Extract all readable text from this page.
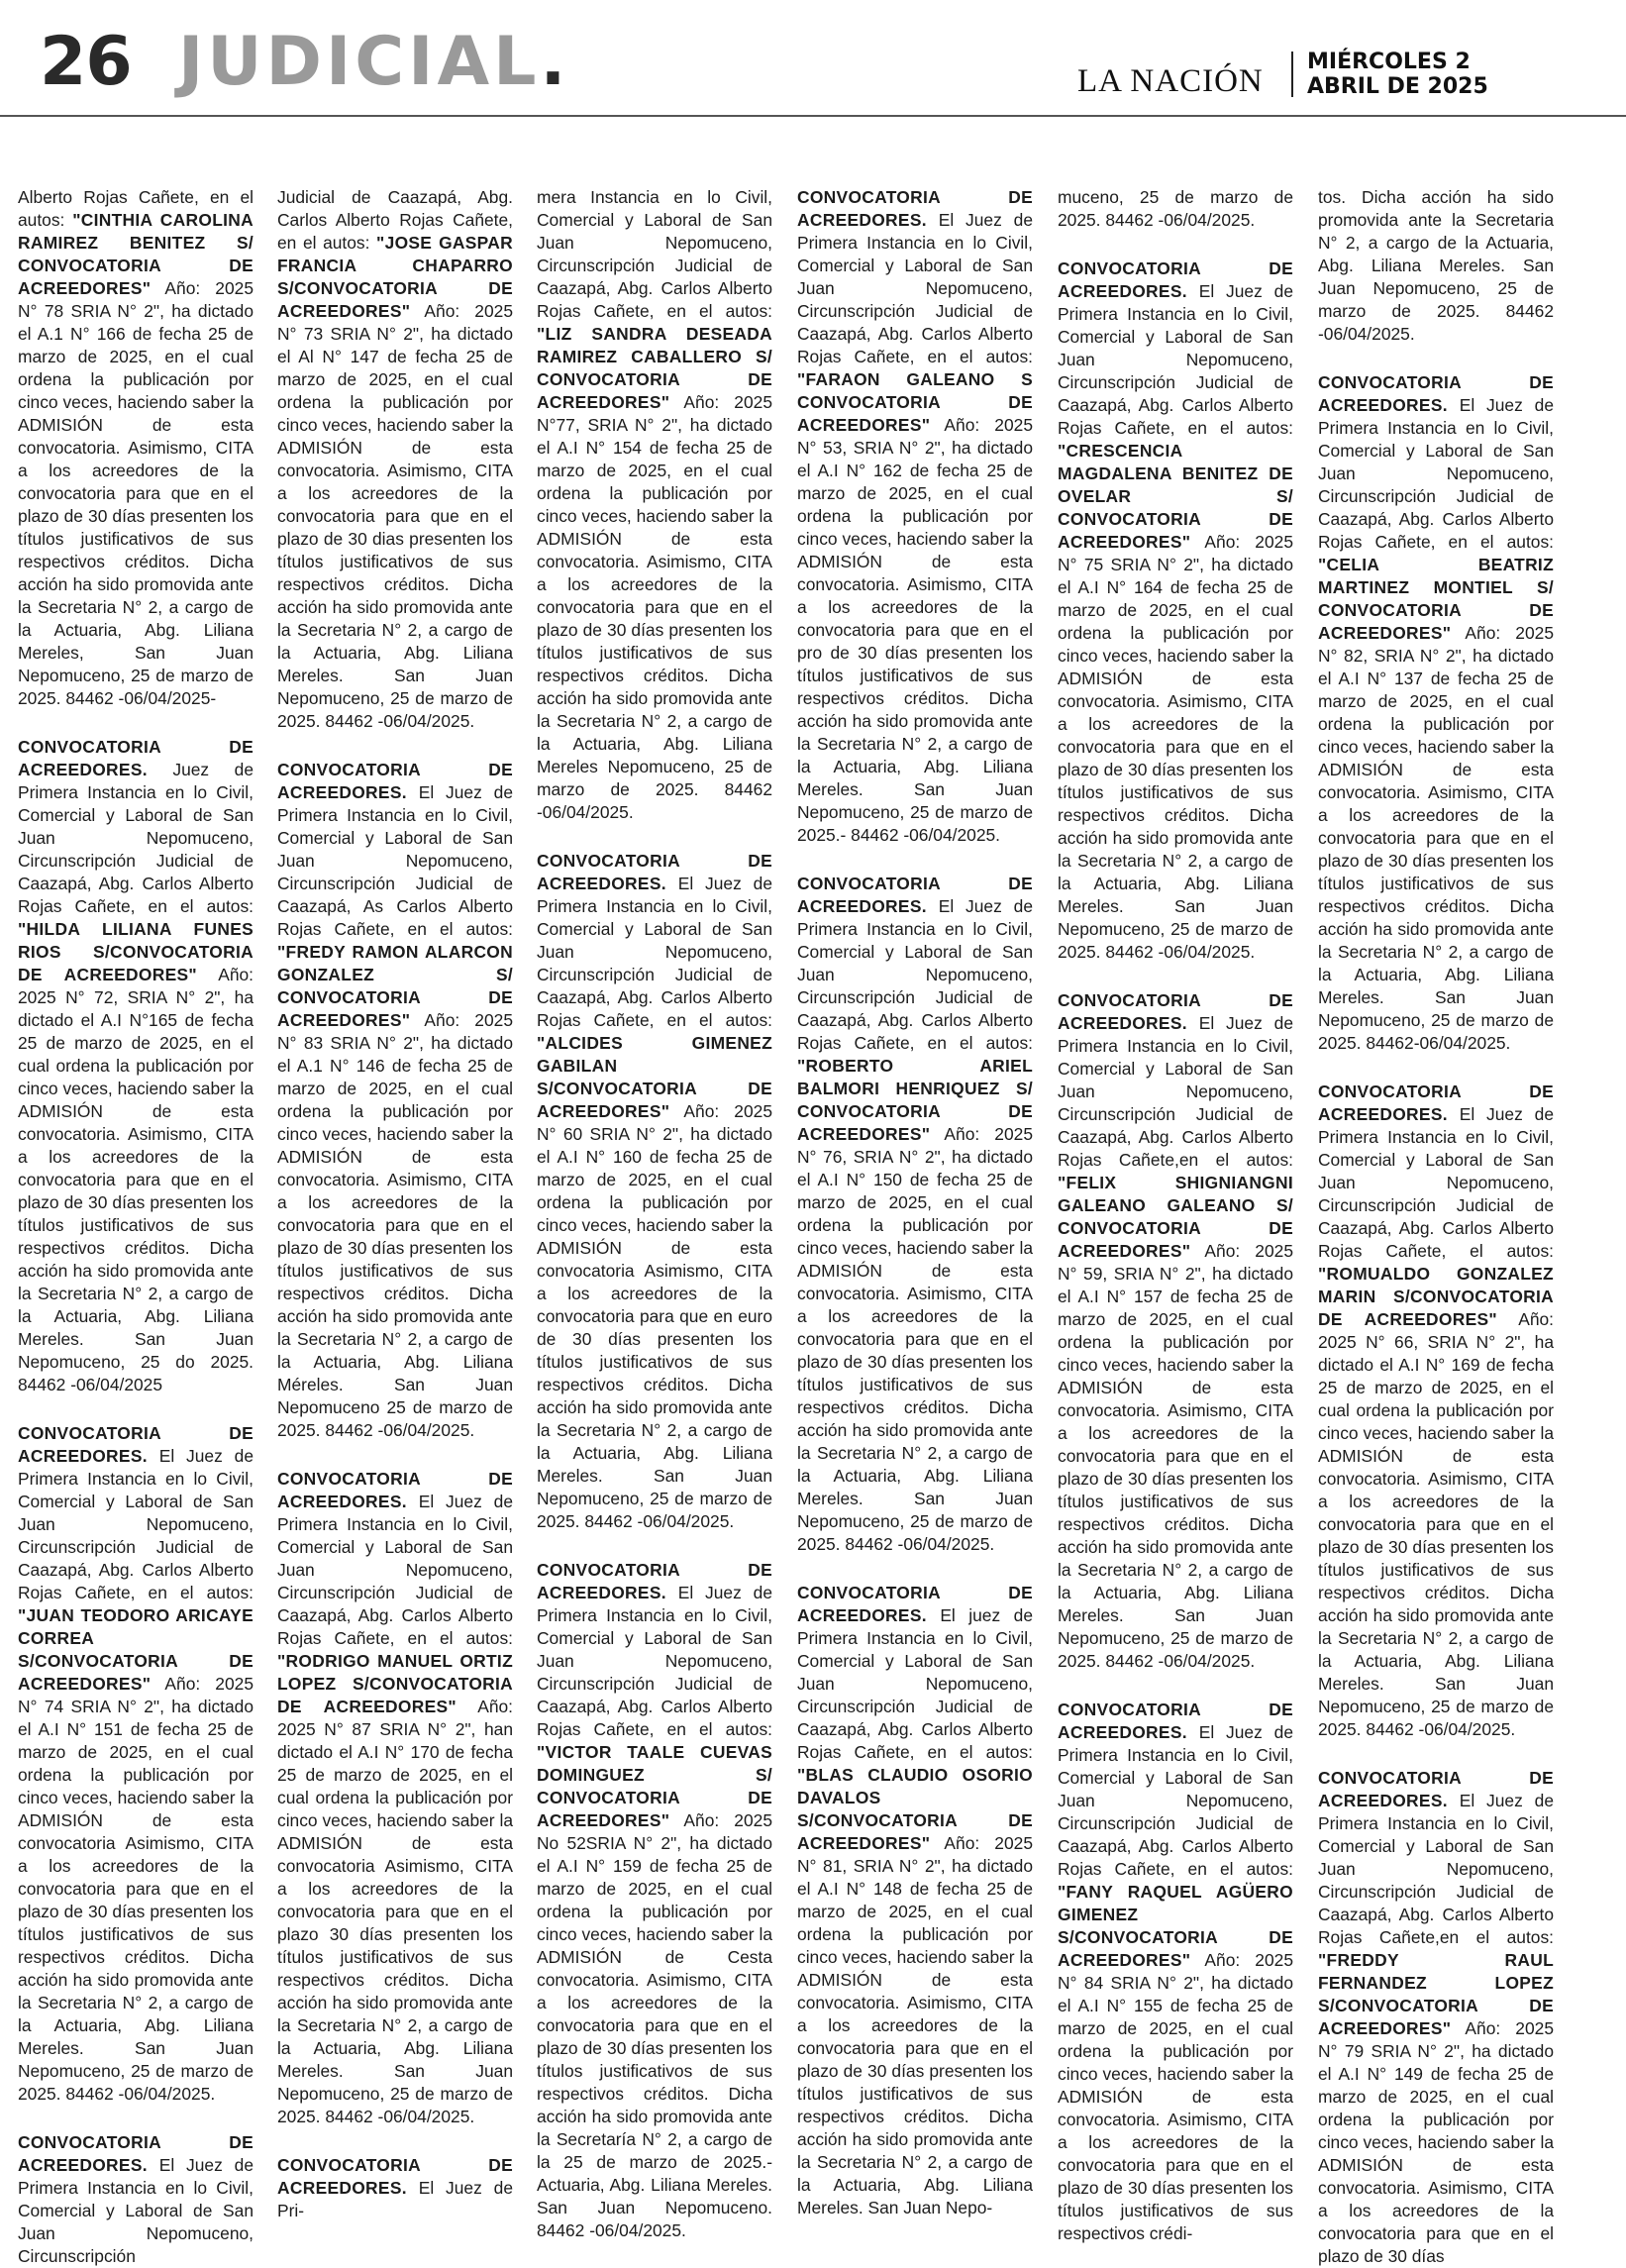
26 JUDICIAL.	LA NACIÓN
MIÉRCOLES 2
ABRIL DE 2025

Alberto Rojas Cañete, en el autos: "CINTHIA CAROLINA RAMIREZ BENITEZ S/ CONVOCATORIA DE ACREEDORES" Año: 2025 N° 78 SRIA N° 2", ha dictado el A.1 N° 166 de fecha 25 de marzo de 2025, en el cual ordena la publicación por cinco veces, haciendo saber la ADMISIÓN de esta convocatoria. Asimismo, CITA a los acreedores de la convocatoria para que en el plazo de 30 días presenten los títulos justificativos de sus respectivos créditos. Dicha acción ha sido promovida ante la Secretaria N° 2, a cargo de la Actuaria, Abg. Liliana Mereles, San Juan Nepomuceno, 25 de marzo de 2025. 84462 -06/04/2025-

CONVOCATORIA DE ACREEDORES. Juez de Primera Instancia en lo Civil, Comercial y Laboral de San Juan Nepomuceno, Circunscripción Judicial de Caazapá, Abg. Carlos Alberto Rojas Cañete, en el autos: "HILDA LILIANA FUNES RIOS S/CONVOCATORIA DE ACREEDORES" Año: 2025 N° 72, SRIA N° 2", ha dictado el A.I N°165 de fecha 25 de marzo de 2025, en el cual ordena la publicación por cinco veces, haciendo saber la ADMISIÓN de esta convocatoria. Asimismo, CITA a los acreedores de la convocatoria para que en el plazo de 30 días presenten los títulos justificativos de sus respectivos créditos. Dicha acción ha sido promovida ante la Secretaria N° 2, a cargo de la Actuaria, Abg. Liliana Mereles. San Juan Nepomuceno, 25 do 2025. 84462 -06/04/2025

CONVOCATORIA DE ACREEDORES. El Juez de Primera Instancia en lo Civil, Comercial y Laboral de San Juan Nepomuceno, Circunscripción Judicial de Caazapá, Abg. Carlos Alberto Rojas Cañete, en el autos: "JUAN TEODORO ARICAYE CORREA S/CONVOCATORIA DE ACREEDORES" Año: 2025 N° 74 SRIA N° 2", ha dictado el A.I N° 151 de fecha 25 de marzo de 2025, en el cual ordena la publicación por cinco veces, haciendo saber la ADMISIÓN de esta convocatoria Asimismo, CITA a los acreedores de la convocatoria para que en el plazo de 30 días presenten los títulos justificativos de sus respectivos créditos. Dicha acción ha sido promovida ante la Secretaria N° 2, a cargo de la Actuaria, Abg. Liliana Mereles. San Juan Nepomuceno, 25 de marzo de 2025. 84462 -06/04/2025.

CONVOCATORIA DE ACREEDORES. El Juez de Primera Instancia en lo Civil, Comercial y Laboral de San Juan Nepomuceno, Circunscripción

Judicial de Caazapá, Abg. Carlos Alberto Rojas Cañete, en el autos: "JOSE GASPAR FRANCIA CHAPARRO S/CONVOCATORIA DE ACREEDORES" Año: 2025 N° 73 SRIA N° 2", ha dictado el Al N° 147 de fecha 25 de marzo de 2025, en el cual ordena la publicación por cinco veces, haciendo saber la ADMISIÓN de esta convocatoria. Asimismo, CITA a los acreedores de la convocatoria para que en el plazo de 30 dias presenten los títulos justificativos de sus respectivos créditos. Dicha acción ha sido promovida ante la Secretaria N° 2, a cargo de la Actuaria, Abg. Liliana Mereles. San Juan Nepomuceno, 25 de marzo de 2025. 84462 -06/04/2025.

CONVOCATORIA DE ACREEDORES. El Juez de Primera Instancia en lo Civil, Comercial y Laboral de San Juan Nepomuceno, Circunscripción Judicial de Caazapá, As Carlos Alberto Rojas Cañete, en el autos: "FREDY RAMON ALARCON GONZALEZ S/ CONVOCATORIA DE ACREEDORES" Año: 2025 N° 83 SRIA N° 2", ha dictado el A.1 N° 146 de fecha 25 de marzo de 2025, en el cual ordena la publicación por cinco veces, haciendo saber la ADMISIÓN de esta convocatoria. Asimismo, CITA a los acreedores de la convocatoria para que en el plazo de 30 días presenten los títulos justificativos de sus respectivos créditos. Dicha acción ha sido promovida ante la Secretaria N° 2, a cargo de la Actuaria, Abg. Liliana Méreles. San Juan Nepomuceno 25 de marzo de 2025. 84462 -06/04/2025.

CONVOCATORIA DE ACREEDORES. El Juez de Primera Instancia en lo Civil, Comercial y Laboral de San Juan Nepomuceno, Circunscripción Judicial de Caazapá, Abg. Carlos Alberto Rojas Cañete, en el autos: "RODRIGO MANUEL ORTIZ LOPEZ S/CONVOCATORIA DE ACREEDORES" Año: 2025 N° 87 SRIA N° 2", han dictado el A.I N° 170 de fecha 25 de marzo de 2025, en el cual ordena la publicación por cinco veces, haciendo saber la ADMISIÓN de esta convocatoria Asimismo, CITA a los acreedores de la convocatoria para que en el plazo 30 días presenten los títulos justificativos de sus respectivos créditos. Dicha acción ha sido promovida ante la Secretaria N° 2, a cargo de la Actuaria, Abg. Liliana Mereles. San Juan Nepomuceno, 25 de marzo de 2025. 84462 -06/04/2025.

CONVOCATORIA DE ACREEDORES. El Juez de Pri-

mera Instancia en lo Civil, Comercial y Laboral de San Juan Nepomuceno, Circunscripción Judicial de Caazapá, Abg. Carlos Alberto Rojas Cañete, en el autos: "LIZ SANDRA DESEADA RAMIREZ CABALLERO S/ CONVOCATORIA DE ACREEDORES" Año: 2025 N°77, SRIA N° 2", ha dictado el A.I N° 154 de fecha 25 de marzo de 2025, en el cual ordena la publicación por cinco veces, haciendo saber la ADMISIÓN de esta convocatoria. Asimismo, CITA a los acreedores de la convocatoria para que en el plazo de 30 días presenten los títulos justificativos de sus respectivos créditos. Dicha acción ha sido promovida ante la Secretaria N° 2, a cargo de la Actuaria, Abg. Liliana Mereles Nepomuceno, 25 de marzo de 2025. 84462 -06/04/2025.

CONVOCATORIA DE ACREEDORES. El Juez de Primera Instancia en lo Civil, Comercial y Laboral de San Juan Nepomuceno, Circunscripción Judicial de Caazapá, Abg. Carlos Alberto Rojas Cañete, en el autos: "ALCIDES GIMENEZ GABILAN S/CONVOCATORIA DE ACREEDORES" Año: 2025 N° 60 SRIA N° 2", ha dictado el A.I N° 160 de fecha 25 de marzo de 2025, en el cual ordena la publicación por cinco veces, haciendo saber la ADMISIÓN de esta convocatoria Asimismo, CITA a los acreedores de la convocatoria para que en euro de 30 días presenten los títulos justificativos de sus respectivos créditos. Dicha acción ha sido promovida ante la Secretaria N° 2, a cargo de la Actuaria, Abg. Liliana Mereles. San Juan Nepomuceno, 25 de marzo de 2025. 84462 -06/04/2025.

CONVOCATORIA DE ACREEDORES. El Juez de Primera Instancia en lo Civil, Comercial y Laboral de San Juan Nepomuceno, Circunscripción Judicial de Caazapá, Abg. Carlos Alberto Rojas Cañete, en el autos: "VICTOR TAALE CUEVAS DOMINGUEZ S/ CONVOCATORIA DE ACREEDORES" Año: 2025 No 52SRIA N° 2", ha dictado el A.I N° 159 de fecha 25 de marzo de 2025, en el cual ordena la publicación por cinco veces, haciendo saber la ADMISIÓN de Cesta convocatoria. Asimismo, CITA a los acreedores de la convocatoria para que en el plazo de 30 días presenten los títulos justificativos de sus respectivos créditos. Dicha acción ha sido promovida ante la Secretaría N° 2, a cargo de la 25 de marzo de 2025.- Actuaria, Abg. Liliana Mereles. San Juan Nepomuceno. 84462 -06/04/2025.

CONVOCATORIA DE ACREEDORES. El Juez de Primera Instancia en lo Civil, Comercial y Laboral de San Juan Nepomuceno, Circunscripción Judicial de Caazapá, Abg. Carlos Alberto Rojas Cañete, en el autos: "FARAON GALEANO S CONVOCATORIA DE ACREEDORES" Año: 2025 N° 53, SRIA N° 2", ha dictado el A.I N° 162 de fecha 25 de marzo de 2025, en el cual ordena la publicación por cinco veces, haciendo saber la ADMISIÓN de esta convocatoria. Asimismo, CITA a los acreedores de la convocatoria para que en el pro de 30 días presenten los títulos justificativos de sus respectivos créditos. Dicha acción ha sido promovida ante la Secretaria N° 2, a cargo de la Actuaria, Abg. Liliana Mereles. San Juan Nepomuceno, 25 de marzo de 2025.- 84462 -06/04/2025.

CONVOCATORIA DE ACREEDORES. El Juez de Primera Instancia en lo Civil, Comercial y Laboral de San Juan Nepomuceno, Circunscripción Judicial de Caazapá, Abg. Carlos Alberto Rojas Cañete, en el autos: "ROBERTO ARIEL BALMORI HENRIQUEZ S/ CONVOCATORIA DE ACREEDORES" Año: 2025 N° 76, SRIA N° 2", ha dictado el A.I N° 150 de fecha 25 de marzo de 2025, en el cual ordena la publicación por cinco veces, haciendo saber la ADMISIÓN de esta convocatoria. Asimismo, CITA a los acreedores de la convocatoria para que en el plazo de 30 días presenten los títulos justificativos de sus respectivos créditos. Dicha acción ha sido promovida ante la Secretaria N° 2, a cargo de la Actuaria, Abg. Liliana Mereles. San Juan Nepomuceno, 25 de marzo de 2025. 84462 -06/04/2025.

CONVOCATORIA DE ACREEDORES. El juez de Primera Instancia en lo Civil, Comercial y Laboral de San Juan Nepomuceno, Circunscripción Judicial de Caazapá, Abg. Carlos Alberto Rojas Cañete, en el autos: "BLAS CLAUDIO OSORIO DAVALOS S/CONVOCATORIA DE ACREEDORES" Año: 2025 N° 81, SRIA N° 2", ha dictado el A.I N° 148 de fecha 25 de marzo de 2025, en el cual ordena la publicación por cinco veces, haciendo saber la ADMISIÓN de esta convocatoria. Asimismo, CITA a los acreedores de la convocatoria para que en el plazo de 30 días presenten los títulos justificativos de sus respectivos créditos. Dicha acción ha sido promovida ante la Secretaria N° 2, a cargo de la Actuaria, Abg. Liliana Mereles. San Juan Nepo-

muceno, 25 de marzo de 2025. 84462 -06/04/2025.

CONVOCATORIA DE ACREEDORES. El Juez de Primera Instancia en lo Civil, Comercial y Laboral de San Juan Nepomuceno, Circunscripción Judicial de Caazapá, Abg. Carlos Alberto Rojas Cañete, en el autos: "CRESCENCIA MAGDALENA BENITEZ DE OVELAR S/ CONVOCATORIA DE ACREEDORES" Año: 2025 N° 75 SRIA N° 2", ha dictado el A.I N° 164 de fecha 25 de marzo de 2025, en el cual ordena la publicación por cinco veces, haciendo saber la ADMISIÓN de esta convocatoria. Asimismo, CITA a los acreedores de la convocatoria para que en el plazo de 30 días presenten los títulos justificativos de sus respectivos créditos. Dicha acción ha sido promovida ante la Secretaria N° 2, a cargo de la Actuaria, Abg. Liliana Mereles. San Juan Nepomuceno, 25 de marzo de 2025. 84462 -06/04/2025.

CONVOCATORIA DE ACREEDORES. El Juez de Primera Instancia en lo Civil, Comercial y Laboral de San Juan Nepomuceno, Circunscripción Judicial de Caazapá, Abg. Carlos Alberto Rojas Cañete,en el autos: "FELIX SHIGNIANGNI GALEANO GALEANO S/ CONVOCATORIA DE ACREEDORES" Año: 2025 N° 59, SRIA N° 2", ha dictado el A.I N° 157 de fecha 25 de marzo de 2025, en el cual ordena la publicación por cinco veces, haciendo saber la ADMISIÓN de esta convocatoria. Asimismo, CITA a los acreedores de la convocatoria para que en el plazo de 30 días presenten los títulos justificativos de sus respectivos créditos. Dicha acción ha sido promovida ante la Secretaria N° 2, a cargo de la Actuaria, Abg. Liliana Mereles. San Juan Nepomuceno, 25 de marzo de 2025. 84462 -06/04/2025.

CONVOCATORIA DE ACREEDORES. El Juez de Primera Instancia en lo Civil, Comercial y Laboral de San Juan Nepomuceno, Circunscripción Judicial de Caazapá, Abg. Carlos Alberto Rojas Cañete, en el autos: "FANY RAQUEL AGÜERO GIMENEZ S/CONVOCATORIA DE ACREEDORES" Año: 2025 N° 84 SRIA N° 2", ha dictado el A.I N° 155 de fecha 25 de marzo de 2025, en el cual ordena la publicación por cinco veces, haciendo saber la ADMISIÓN de esta convocatoria. Asimismo, CITA a los acreedores de la convocatoria para que en el plazo de 30 días presenten los títulos justificativos de sus respectivos crédi-

tos. Dicha acción ha sido promovida ante la Secretaria N° 2, a cargo de la Actuaria, Abg. Liliana Mereles. San Juan Nepomuceno, 25 de marzo de 2025. 84462 -06/04/2025.

CONVOCATORIA DE ACREEDORES. El Juez de Primera Instancia en lo Civil, Comercial y Laboral de San Juan Nepomuceno, Circunscripción Judicial de Caazapá, Abg. Carlos Alberto Rojas Cañete, en el autos: "CELIA BEATRIZ MARTINEZ MONTIEL S/ CONVOCATORIA DE ACREEDORES" Año: 2025 N° 82, SRIA N° 2", ha dictado el A.I N° 137 de fecha 25 de marzo de 2025, en el cual ordena la publicación por cinco veces, haciendo saber la ADMISIÓN de esta convocatoria. Asimismo, CITA a los acreedores de la convocatoria para que en el plazo de 30 días presenten los títulos justificativos de sus respectivos créditos. Dicha acción ha sido promovida ante la Secretaria N° 2, a cargo de la Actuaria, Abg. Liliana Mereles. San Juan Nepomuceno, 25 de marzo de 2025. 84462-06/04/2025.

CONVOCATORIA DE ACREEDORES. El Juez de Primera Instancia en lo Civil, Comercial y Laboral de San Juan Nepomuceno, Circunscripción Judicial de Caazapá, Abg. Carlos Alberto Rojas Cañete, el autos: "ROMUALDO GONZALEZ MARIN S/CONVOCATORIA DE ACREEDORES" Año: 2025 N° 66, SRIA N° 2", ha dictado el A.I N° 169 de fecha 25 de marzo de 2025, en el cual ordena la publicación por cinco veces, haciendo saber la ADMISIÓN de esta convocatoria. Asimismo, CITA a los acreedores de la convocatoria para que en el plazo de 30 días presenten los títulos justificativos de sus respectivos créditos. Dicha acción ha sido promovida ante la Secretaria N° 2, a cargo de la Actuaria, Abg. Liliana Mereles. San Juan Nepomuceno, 25 de marzo de 2025. 84462 -06/04/2025.

CONVOCATORIA DE ACREEDORES. El Juez de Primera Instancia en lo Civil, Comercial y Laboral de San Juan Nepomuceno, Circunscripción Judicial de Caazapá, Abg. Carlos Alberto Rojas Cañete,en el autos: "FREDDY RAUL FERNANDEZ LOPEZ S/CONVOCATORIA DE ACREEDORES" Año: 2025 N° 79 SRIA N° 2", ha dictado el A.I N° 149 de fecha 25 de marzo de 2025, en el cual ordena la publicación por cinco veces, haciendo saber la ADMISIÓN de esta convocatoria. Asimismo, CITA a los acreedores de la convocatoria para que en el plazo de 30 días
